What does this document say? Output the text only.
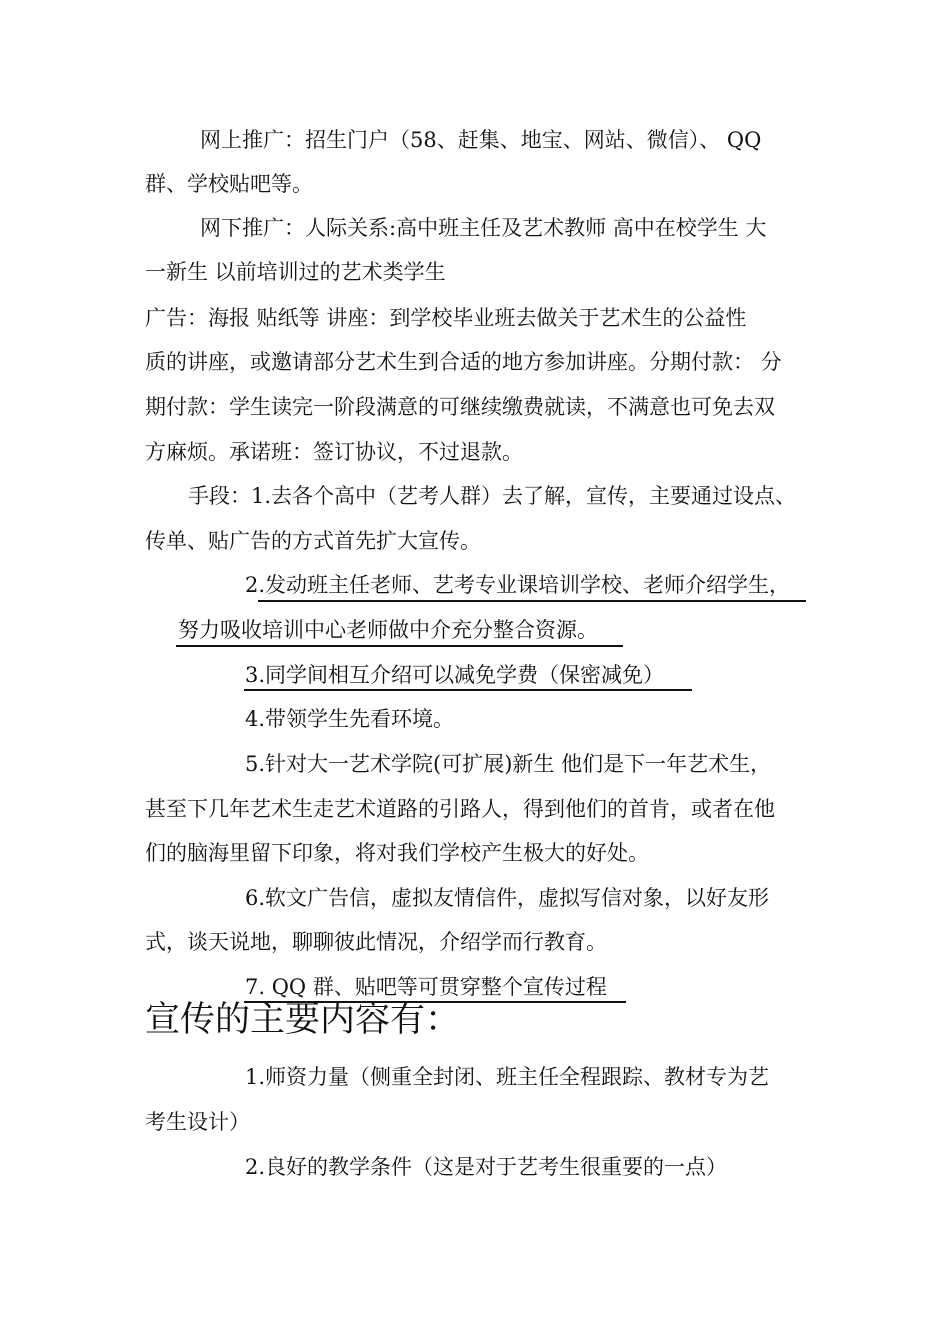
网上推广：招生门户（58、赶集、地宝、网站、微信）、 QQ

群、学校贴吧等。

网下推广：人际关系:高中班主任及艺术教师 高中在校学生 大

一新生 以前培训过的艺术类学生

广告：海报 贴纸等 讲座：到学校毕业班去做关于艺术生的公益性

质的讲座，或邀请部分艺术生到合适的地方参加讲座。分期付款： 分

期付款：学生读完一阶段满意的可继续缴费就读，不满意也可免去双

方麻烦。承诺班：签订协议，不过退款。

手段：1.去各个高中（艺考人群）去了解，宣传，主要通过设点、

传单、贴广告的方式首先扩大宣传。

2.发动班主任老师、艺考专业课培训学校、老师介绍学生，

努力吸收培训中心老师做中介充分整合资源。

3.同学间相互介绍可以减免学费（保密减免）

4.带领学生先看环境。

5.针对大一艺术学院(可扩展)新生 他们是下一年艺术生，

甚至下几年艺术生走艺术道路的引路人，得到他们的首肯，或者在他

们的脑海里留下印象，将对我们学校产生极大的好处。

6.软文广告信，虚拟友情信件，虚拟写信对象，以好友形

式，谈天说地，聊聊彼此情况，介绍学而行教育。

7. QQ 群、贴吧等可贯穿整个宣传过程

宣传的主要内容有：

1.师资力量（侧重全封闭、班主任全程跟踪、教材专为艺

考生设计）

2.良好的教学条件（这是对于艺考生很重要的一点）
